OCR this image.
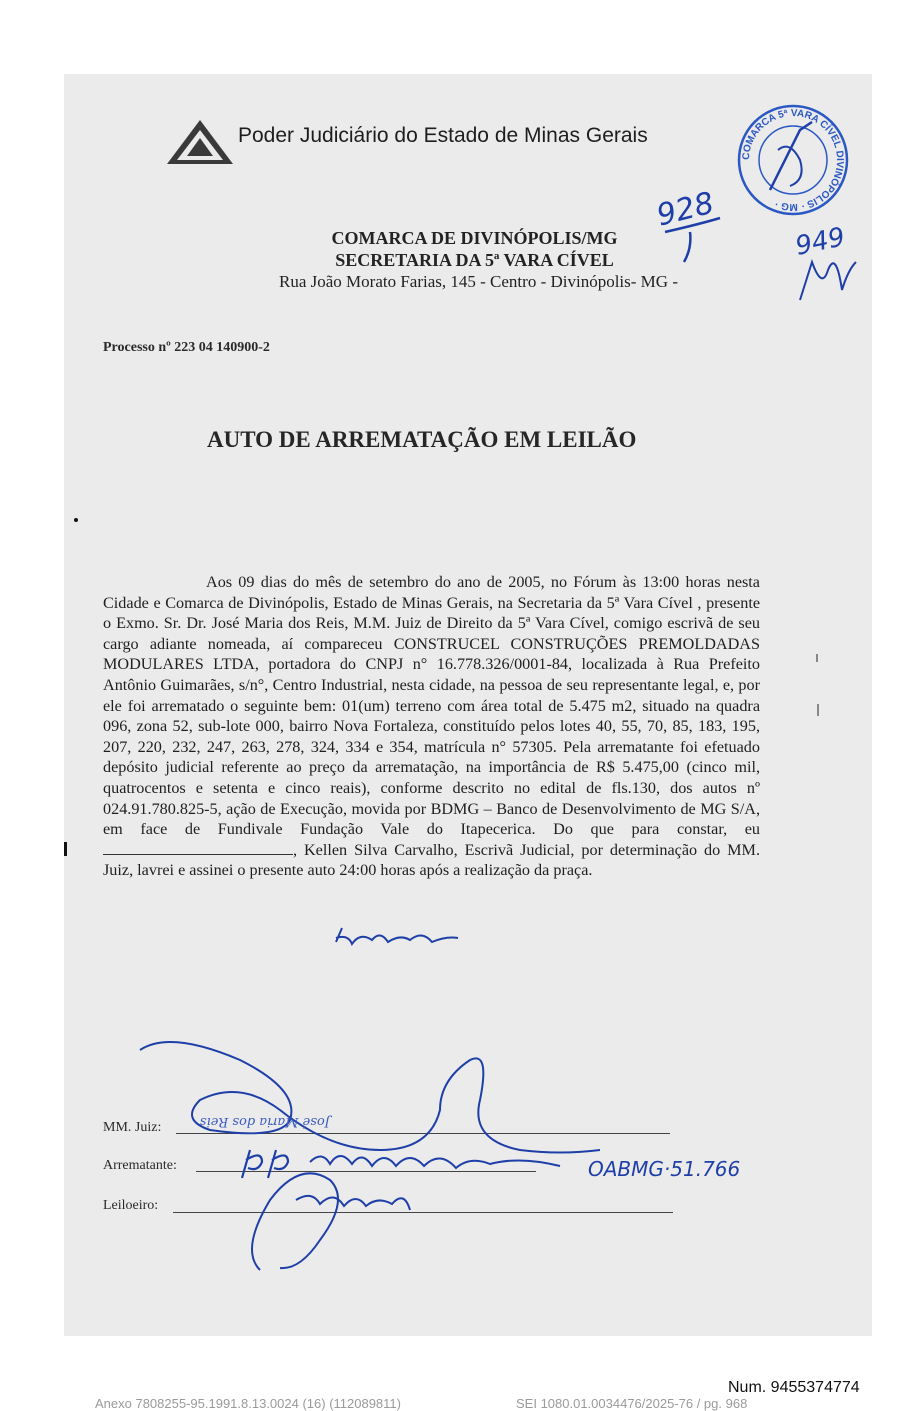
Poder Judiciário do Estado de Minas Gerais
COMARCA DE DIVINÓPOLIS/MG
SECRETARIA DA 5ª VARA CÍVEL
Rua João Morato Farias, 145 - Centro - Divinópolis- MG -
Processo nº 223 04 140900-2
AUTO DE ARREMATAÇÃO EM LEILÃO
Aos 09 dias do mês de setembro do ano de 2005, no Fórum às 13:00 horas nesta Cidade e Comarca de Divinópolis, Estado de Minas Gerais, na Secretaria da 5ª Vara Cível , presente o Exmo. Sr. Dr. José Maria dos Reis, M.M. Juiz de Direito da 5ª Vara Cível, comigo escrivã de seu cargo adiante nomeada, aí compareceu CONSTRUCEL CONSTRUÇÕES PREMOLDADAS MODULARES LTDA, portadora do CNPJ n° 16.778.326/0001-84, localizada à Rua Prefeito Antônio Guimarães, s/n°, Centro Industrial, nesta cidade, na pessoa de seu representante legal, e, por ele foi arrematado o seguinte bem: 01(um) terreno com área total de 5.475 m2, situado na quadra 096, zona 52, sub-lote 000, bairro Nova Fortaleza, constituído pelos lotes 40, 55, 70, 85, 183, 195, 207, 220, 232, 247, 263, 278, 324, 334 e 354, matrícula n° 57305. Pela arrematante foi efetuado depósito judicial referente ao preço da arrematação, na importância de R$ 5.475,00 (cinco mil, quatrocentos e setenta e cinco reais), conforme descrito no edital de fls.130, dos autos nº 024.91.780.825-5, ação de Execução, movida por BDMG – Banco de Desenvolvimento de MG S/A, em face de Fundivale Fundação Vale do Itapecerica. Do que para constar, eu, Kellen Silva Carvalho, Escrivã Judicial, por determinação do MM. Juiz, lavrei e assinei o presente auto 24:00 horas após a realização da praça.
MM. Juiz:
Arrematante:
Leiloeiro:
COMARCA 5ª VARA CÍVEL DIVINÓPOLIS · MG ·
928
949
José Maria dos Reis
OABMG·51.766
Num. 9455374774
Anexo 7808255-95.1991.8.13.0024 (16) (112089811)	SEI 1080.01.0034476/2025-76 / pg. 968
